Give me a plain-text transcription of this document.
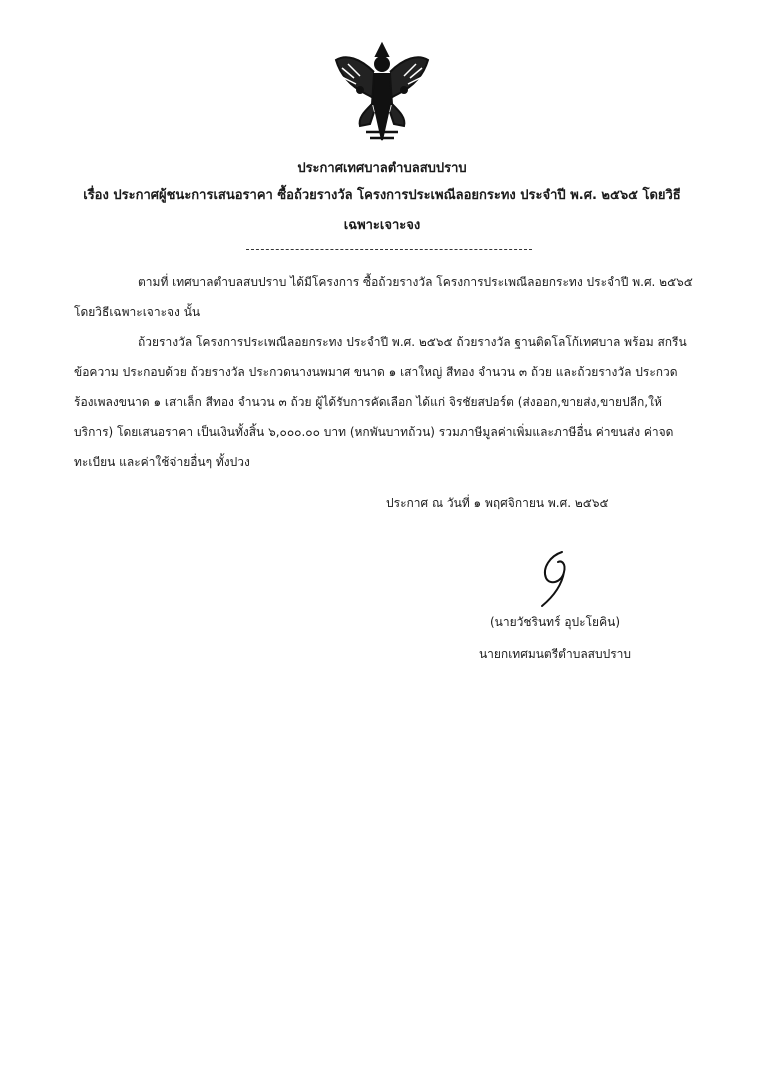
ประกาศเทศบาลตำบลสบปราบ
เรื่อง ประกาศผู้ชนะการเสนอราคา ซื้อถ้วยรางวัล โครงการประเพณีลอยกระทง ประจำปี พ.ศ. ๒๕๖๕ โดยวิธี
เฉพาะเจาะจง

ตามที่ เทศบาลตำบลสบปราบ ได้มีโครงการ ซื้อถ้วยรางวัล โครงการประเพณีลอยกระทง ประจำปี พ.ศ. ๒๕๖๕ โดยวิธีเฉพาะเจาะจง นั้น

ถ้วยรางวัล โครงการประเพณีลอยกระทง ประจำปี พ.ศ. ๒๕๖๕ ถ้วยรางวัล ฐานติดโลโก้เทศบาล พร้อม สกรีน ข้อความ ประกอบด้วย ถ้วยรางวัล ประกวดนางนพมาศ ขนาด ๑ เสาใหญ่ สีทอง จำนวน ๓ ถ้วย และถ้วยรางวัล ประกวดร้องเพลงขนาด ๑ เสาเล็ก สีทอง จำนวน ๓ ถ้วย ผู้ได้รับการคัดเลือก ได้แก่ จิรชัยสปอร์ต (ส่งออก,ขายส่ง,ขายปลีก,ให้บริการ) โดยเสนอราคา เป็นเงินทั้งสิ้น ๖,๐๐๐.๐๐ บาท (หกพันบาทถ้วน) รวมภาษีมูลค่าเพิ่มและภาษีอื่น ค่าขนส่ง ค่าจดทะเบียน และค่าใช้จ่ายอื่นๆ ทั้งปวง

ประกาศ ณ วันที่ ๑ พฤศจิกายน พ.ศ. ๒๕๖๕
(นายวัชรินทร์ อุปะโยคิน)
นายกเทศมนตรีตำบลสบปราบ
